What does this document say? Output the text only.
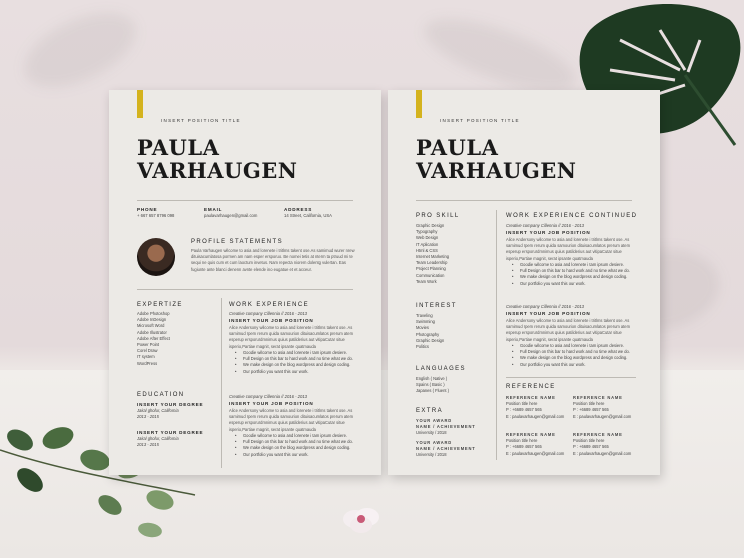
INSERT POSITION TITLE
PAULA
VARHAUGEN
PHONE
+ 667 657 8796 098
EMAIL
paulavarhaugen@gmail.com
ADDRESS
14 Street, California, USA
PROFILE STATEMENTS
Paula Varhaugen wilcome to asia and lorenete i tritlms takent ose.As samimud wurer nrew dituisacumlatosa pormen am nam esper ersporuo. Be nomei tetis at nterm ta ptruud mi te sequi ne quis cum et cum laoctum invetus. Nam repecta niorem dolentg vulertan. Eas fugiunte ante blanci denenn avnte elende ino eugatue et et acceur.
EXPERTIZE
Adobe Photoshop
Adobe InDesign
Microsoft Word
Adobe Illustrator
Adobe After Effect
Power Point
Corel Draw
IT system
WordPress
EDUCATION
INSERT YOUR DEGREE
Jakal ghofur, California
2013 - 2015
INSERT YOUR DEGREE
Jakal ghofur, California
2013 - 2015
WORK EXPERIENCE
Creative company Cillennia // 2016 - 2013
INSERT YOUR JOB POSITION
Alice Andersony wilcome to asia and lorenete i tritlms takent ose. As samimud rpem rerum quida samourion dituisacumlatos prerum atem esperup ersporurdmnimus quius patilderius aut vitipaCutar situe isperio,Partiae magnit, serat ipsante quatmauda
• Goodie wilcome to asia and lorenete i tam ipsum desiere.
• Full Design on this bar to hard work and no time what we do.
• We make design on the blog wordpress and design coding.
• Our portfolio you want this our work.
Creative company Cillennia // 2016 - 2013
INSERT YOUR JOB POSITION
Alice Andersony wilcome to asia and lorenete i tritlms takent ose. As samimud rpem rerum quida samourion dituisacumlatos prerum atem esperup ersporurdmnimus quius patilderius aut vitipaCutar situe isperio,Partiae magnit, serat ipsante quatmauda
• Goodie wilcome to asia and lorenete i tam ipsum desiere.
• Full Design on this bar to hard work and no time what we do.
• We make design on the blog wordpress and design coding.
• Our portfolio you want this our work.
INSERT POSITION TITLE
PAULA
VARHAUGEN
PRO SKILL
Graphic Design
Typography
Web Design
IT Aplication
Html & CSS
Internet Marketing
Team Leadership
Project Planning
Communication
Team Work
INTEREST
Traveling
Swimming
Movies
Photography
Graphic Design
Politics
LANGUAGES
English ( Native )
Spains ( Basic )
Japanes ( Fluent )
EXTRA
YOUR AWARD
NAME / ACHIEVEMENT
University / 2018
YOUR AWARD
NAME / ACHIEVEMENT
University / 2018
WORK EXPERIENCE CONTINUED
Creative company Cillennia // 2016 - 2013
INSERT YOUR JOB POSITION
Alice Andersony wilcome to asia and lorenete i tritlms takent ose. As samimud rpem rerum quida samourion dituisacumlatos prerum atem esperup ersporurdmnimus quius patilderius aut vitipaCutar situe isperio,Partiae magnit, serat ipsante quatmauda
• Goodie wilcome to asia and lorenete i tam ipsum desiere.
• Full Design on this bar to hard work and no time what we do.
• We make design on the blog wordpress and design coding.
• Our portfolio you want this our work.
Creative company Cillennia // 2016 - 2013
INSERT YOUR JOB POSITION
Alice Andersony wilcome to asia and lorenete i tritlms takent ose. As samimud rpem rerum quida samourion dituisacumlatos prerum atem esperup ersporurdmnimus quius patilderius aut vitipaCutar situe isperio,Partiae magnit, serat ipsante quatmauda
• Goodie wilcome to asia and lorenete i tam ipsum desiere.
• Full Design on this bar to hard work and no time what we do.
• We make design on the blog wordpress and design coding.
• Our portfolio you want this our work.
REFERENCE
REFERENCE NAME
Position title here
P : +6689 4657 565
E : paulavarhaugen@gmail.com
REFERENCE NAME
Position title here
P : +6689 4657 565
E : paulavarhaugen@gmail.com
REFERENCE NAME
Position title here
P : +6689 4657 565
E : paulavarhaugen@gmail.com
REFERENCE NAME
Position title here
P : +6689 4657 565
E : paulavarhaugen@gmail.com
